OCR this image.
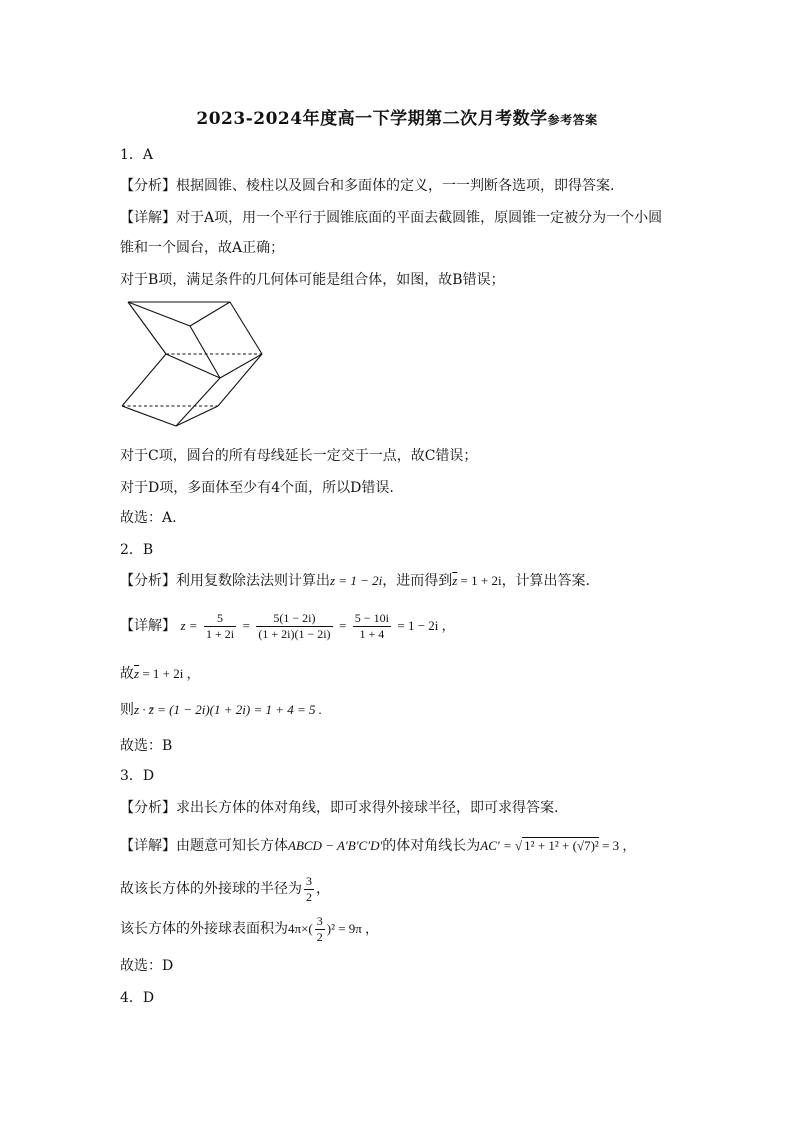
2023-2024年度高一下学期第二次月考数学参考答案
1．A
【分析】根据圆锥、棱柱以及圆台和多面体的定义，一一判断各选项，即得答案.
【详解】对于A项，用一个平行于圆锥底面的平面去截圆锥，原圆锥一定被分为一个小圆
锥和一个圆台，故A正确；
对于B项，满足条件的几何体可能是组合体，如图，故B错误；
对于C项，圆台的所有母线延长一定交于一点，故C错误；
对于D项，多面体至少有4个面，所以D错误.
故选：A.
2．B
【分析】利用复数除法法则计算出z = 1 − 2i，进而得到$\overline{z} = 1 + 2i$，计算出答案.
【详解】 $z = \frac{5}{1 + 2i} = \frac{5(1 - 2i)}{(1 + 2i)(1 - 2i)} = \frac{5 - 10i}{1 + 4} = 1 - 2i$ ，
故$\overline{z} = 1 + 2i$ ，
则z · z̄ = (1 − 2i)(1 + 2i) = 1 + 4 = 5 .
故选：B
3．D
【分析】求出长方体的体对角线，即可求得外接球半径，即可求得答案.
【详解】由题意可知长方体ABCD − A′B′C′D′的体对角线长为AC′ = √ 1² + 1² + (√7)² = 3 ，
故该长方体的外接球的半径为 $\frac{3}{2}$ ，
该长方体的外接球表面积为$4\pi\times( \frac{3}{2} )^2 = 9\pi$ ，
故选：D
4．D
